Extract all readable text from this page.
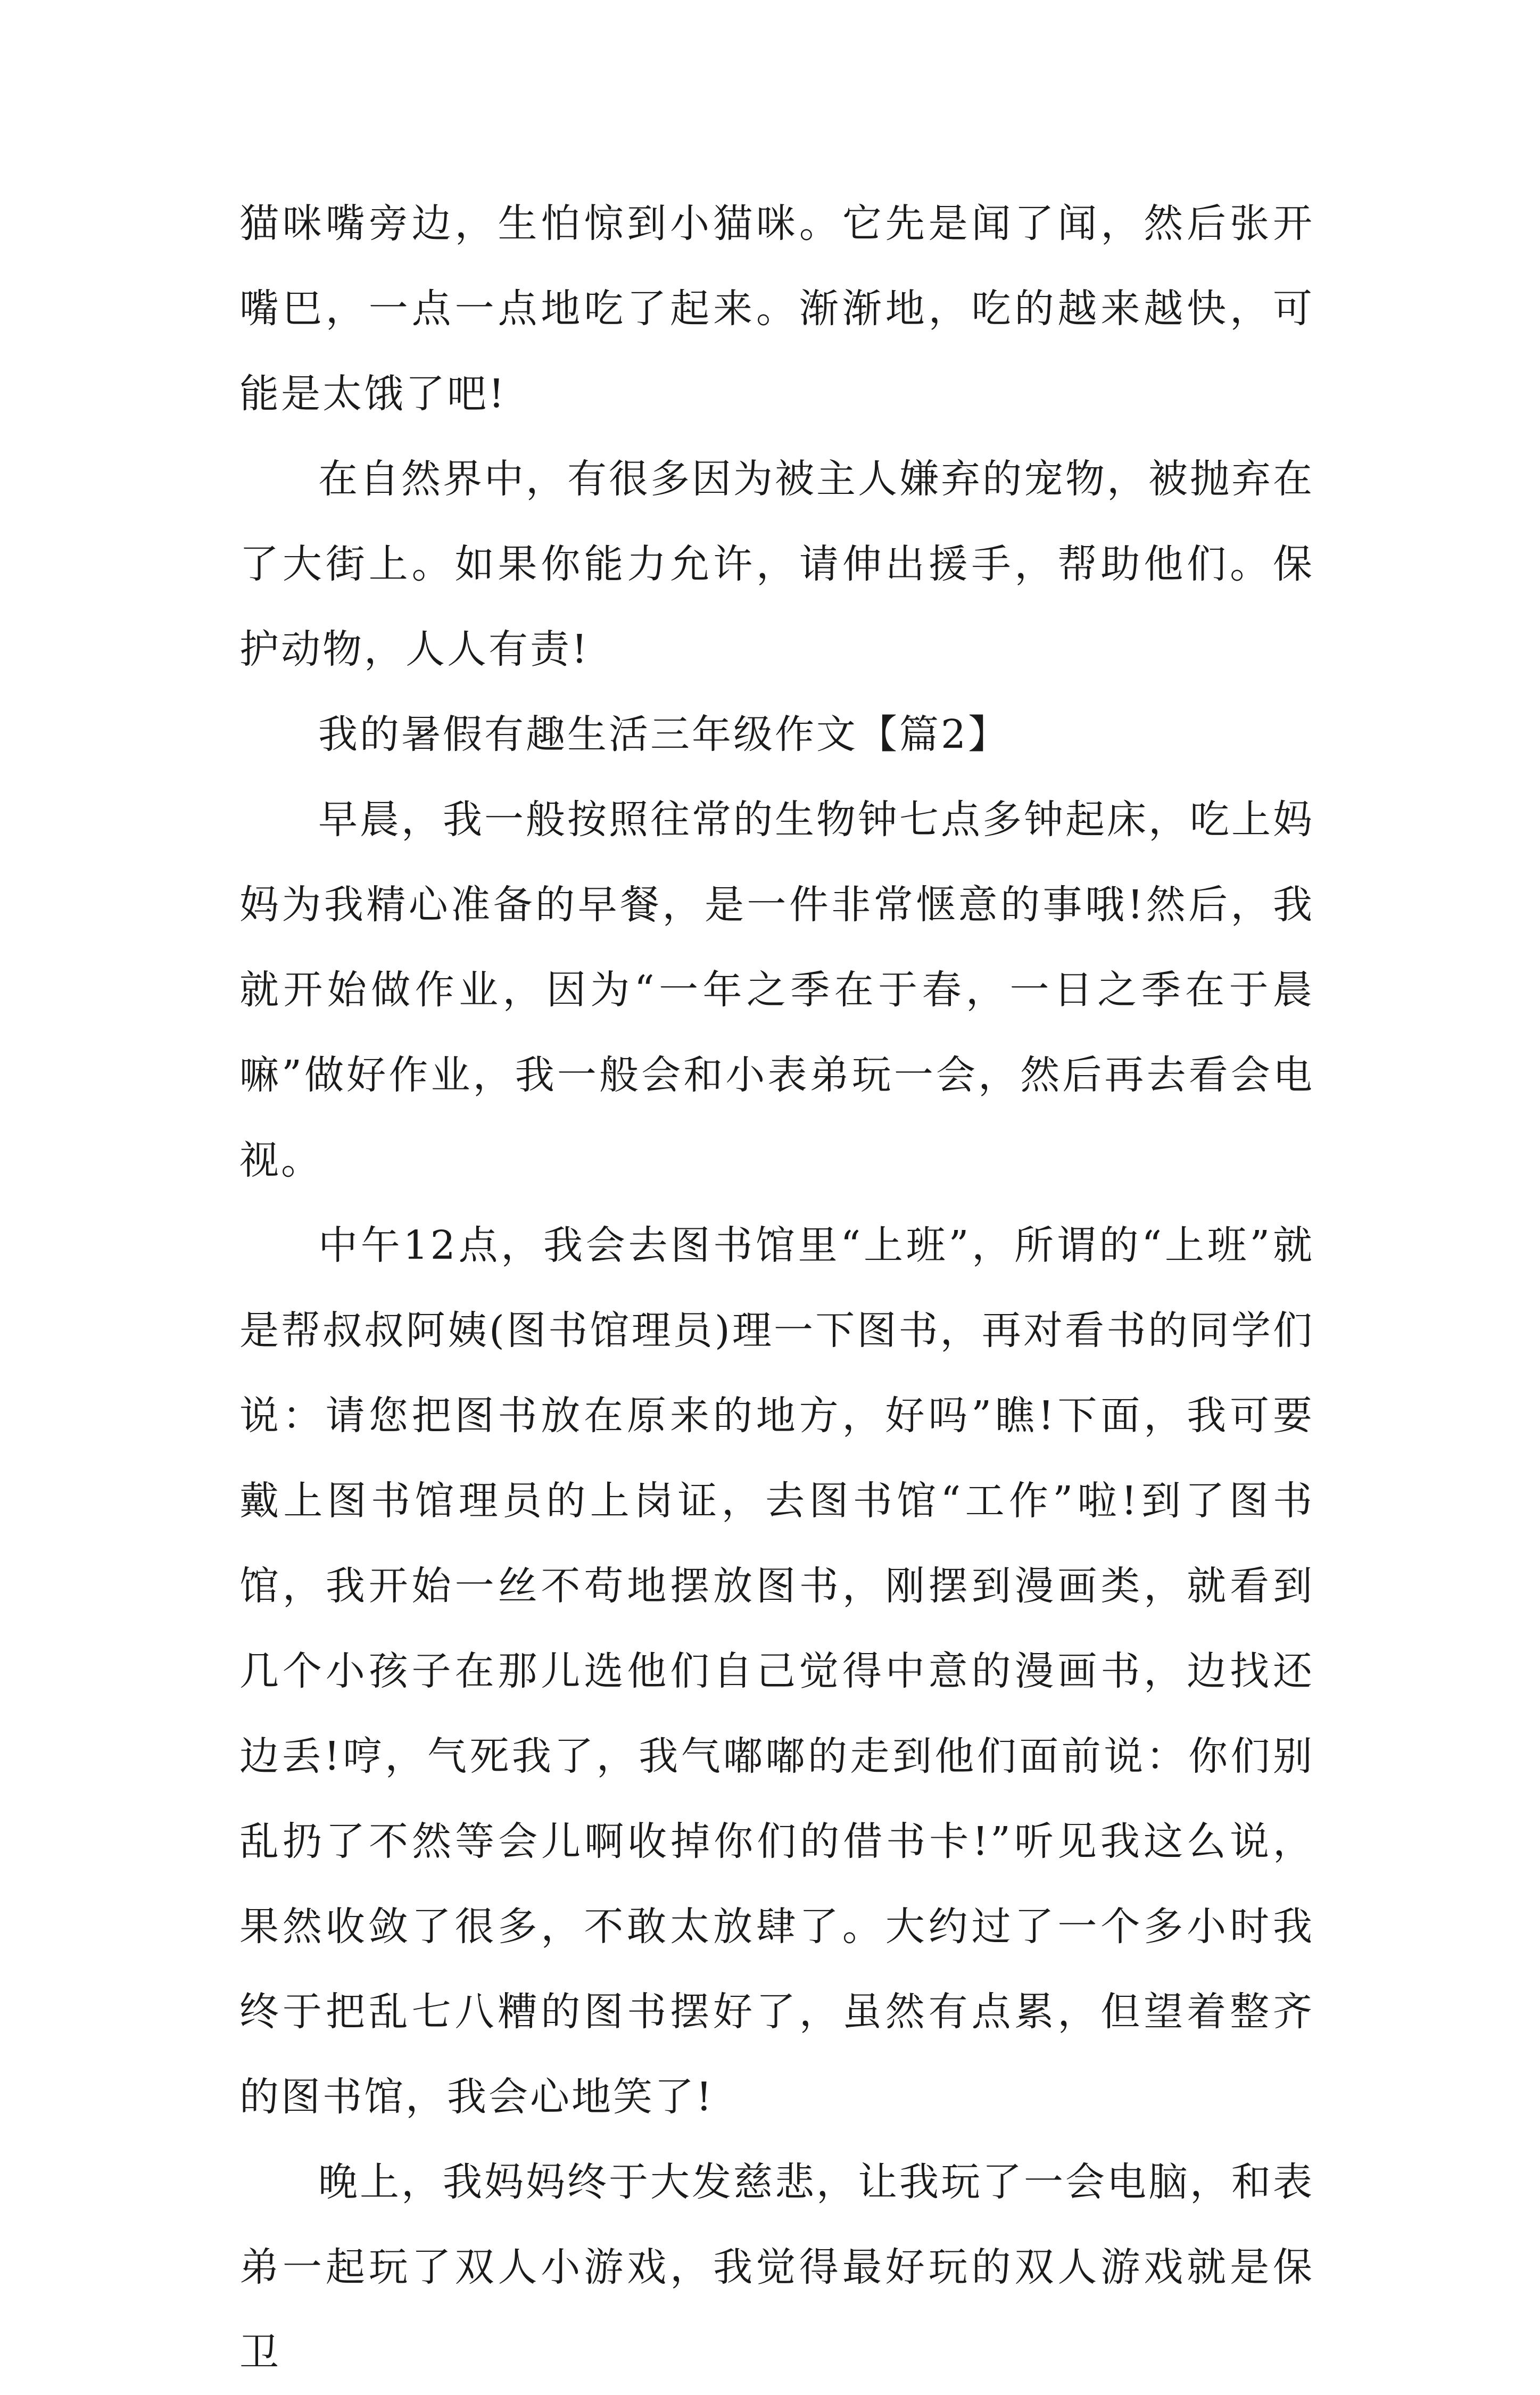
猫咪嘴旁边，生怕惊到小猫咪。它先是闻了闻，然后张开嘴巴，一点一点地吃了起来。渐渐地，吃的越来越快，可能是太饿了吧!

在自然界中，有很多因为被主人嫌弃的宠物，被抛弃在了大街上。如果你能力允许，请伸出援手，帮助他们。保护动物，人人有责!

我的暑假有趣生活三年级作文【篇2】

早晨，我一般按照往常的生物钟七点多钟起床，吃上妈妈为我精心准备的早餐，是一件非常惬意的事哦!然后，我就开始做作业，因为“一年之季在于春，一日之季在于晨嘛”做好作业，我一般会和小表弟玩一会，然后再去看会电视。

中午12点，我会去图书馆里“上班”，所谓的“上班”就是帮叔叔阿姨(图书馆理员)理一下图书，再对看书的同学们说：请您把图书放在原来的地方，好吗”瞧!下面，我可要戴上图书馆理员的上岗证，去图书馆“工作”啦!到了图书馆，我开始一丝不苟地摆放图书，刚摆到漫画类，就看到几个小孩子在那儿选他们自己觉得中意的漫画书，边找还边丢!哼，气死我了，我气嘟嘟的走到他们面前说：你们别乱扔了不然等会儿啊收掉你们的借书卡!”听见我这么说，果然收敛了很多，不敢太放肆了。大约过了一个多小时我终于把乱七八糟的图书摆好了，虽然有点累，但望着整齐的图书馆，我会心地笑了!

晚上，我妈妈终于大发慈悲，让我玩了一会电脑，和表弟一起玩了双人小游戏，我觉得最好玩的双人游戏就是保卫
